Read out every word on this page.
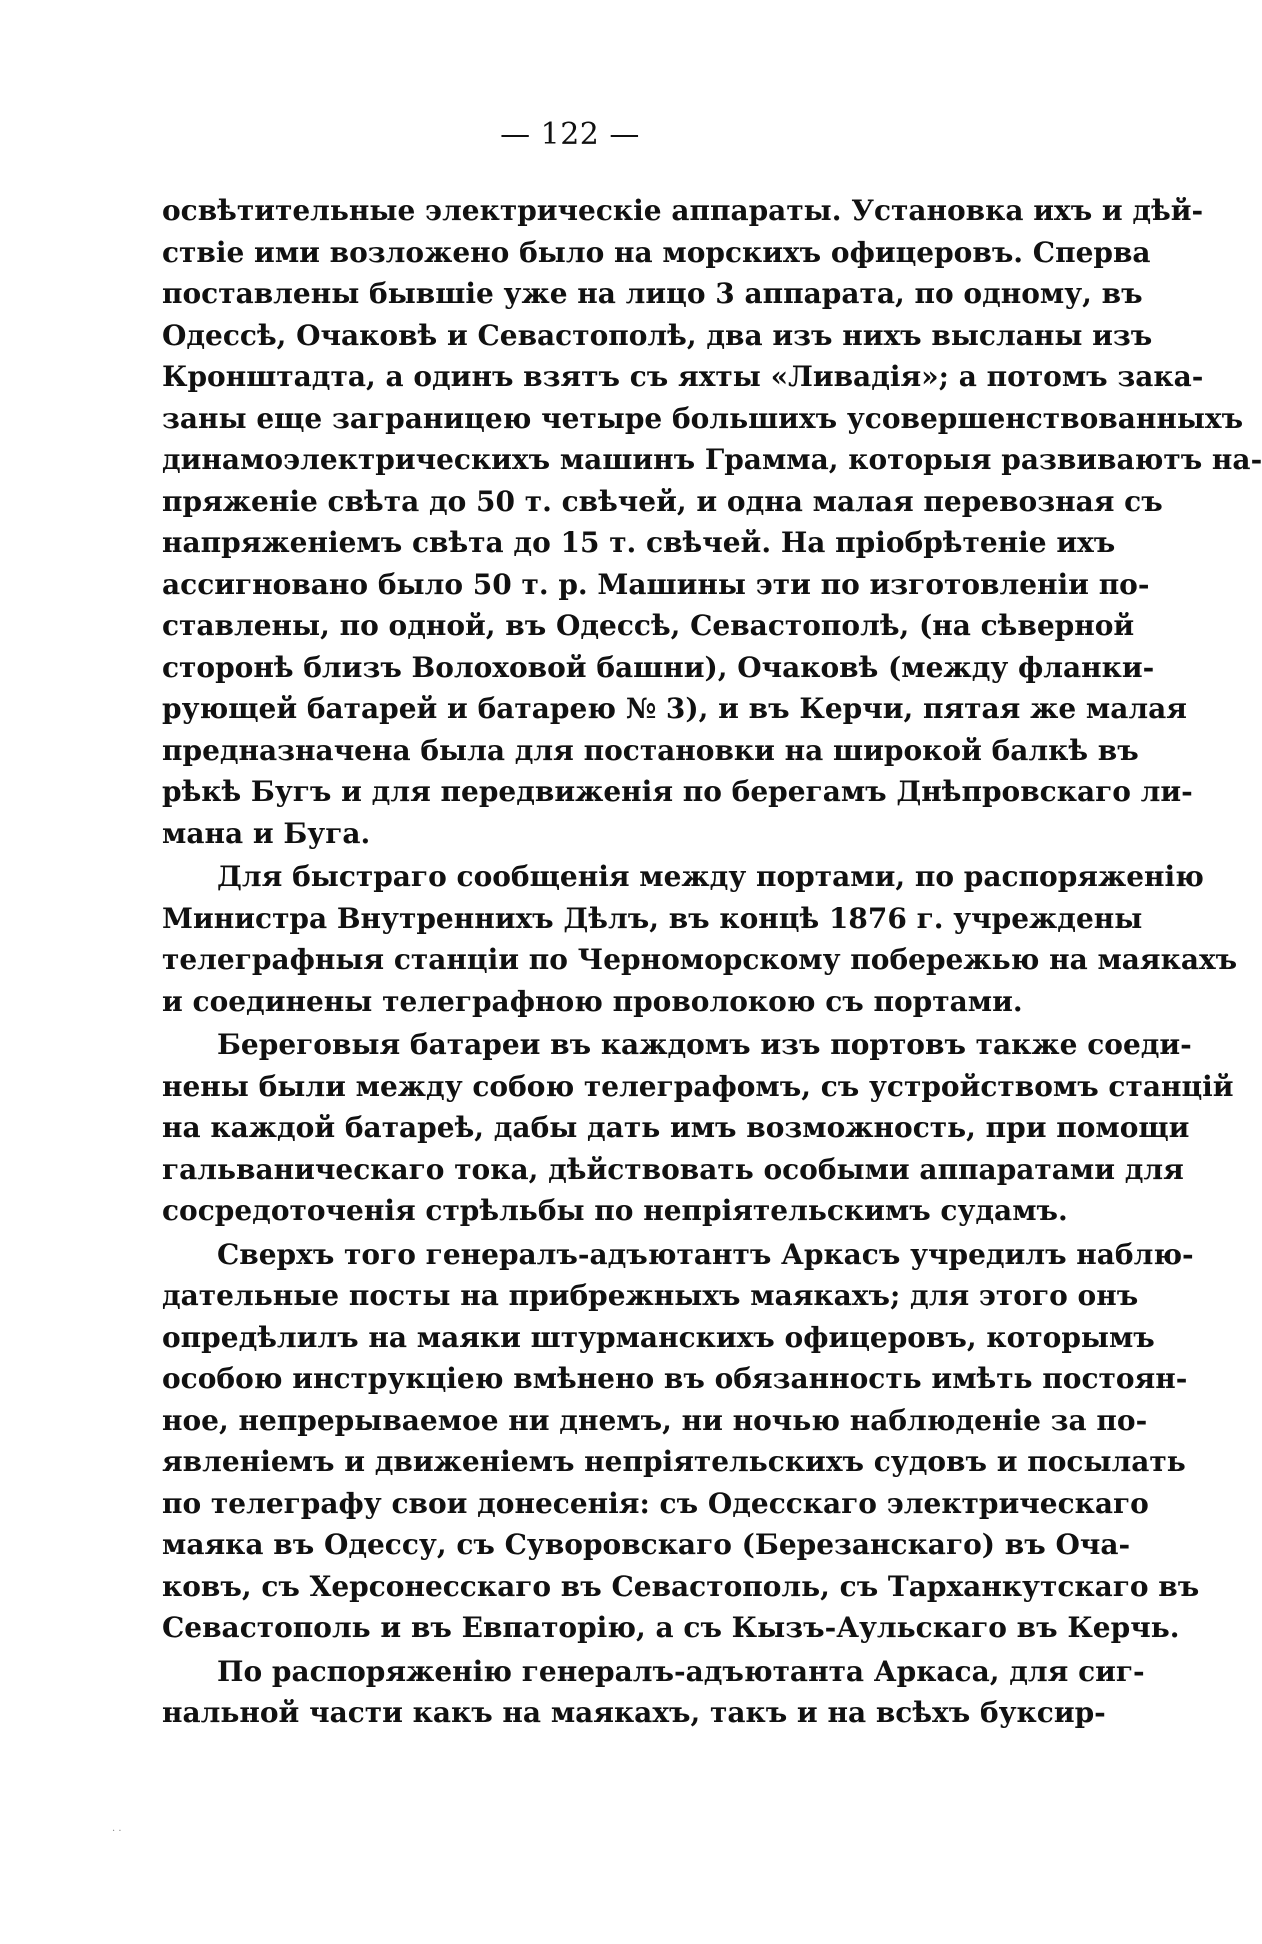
— 122 —
освѣтительные электрическіе аппараты. Установка ихъ и дѣй-
ствіе ими возложено было на морскихъ офицеровъ. Сперва
поставлены бывшіе уже на лицо 3 аппарата, по одному, въ
Одессѣ, Очаковѣ и Севастополѣ, два изъ нихъ высланы изъ
Кронштадта, а одинъ взятъ съ яхты «Ливадія»; а потомъ зака-
заны еще заграницею четыре большихъ усовершенствованныхъ
динамоэлектрическихъ машинъ Грамма, которыя развиваютъ на-
пряженіе свѣта до 50 т. свѣчей, и одна малая перевозная съ
напряженіемъ свѣта до 15 т. свѣчей. На пріобрѣтеніе ихъ
ассигновано было 50 т. р. Машины эти по изготовленіи по-
ставлены, по одной, въ Одессѣ, Севастополѣ, (на сѣверной
сторонѣ близъ Волоховой башни), Очаковѣ (между фланки-
рующей батарей и батарею № 3), и въ Керчи, пятая же малая
предназначена была для постановки на широкой балкѣ въ
рѣкѣ Бугъ и для передвиженія по берегамъ Днѣпровскаго ли-
мана и Буга.
Для быстраго сообщенія между портами, по распоряженію
Министра Внутреннихъ Дѣлъ, въ концѣ 1876 г. учреждены
телеграфныя станціи по Черноморскому побережью на маякахъ
и соединены телеграфною проволокою съ портами.
Береговыя батареи въ каждомъ изъ портовъ также соеди-
нены были между собою телеграфомъ, съ устройствомъ станцій
на каждой батареѣ, дабы дать имъ возможность, при помощи
гальваническаго тока, дѣйствовать особыми аппаратами для
сосредоточенія стрѣльбы по непріятельскимъ судамъ.
Сверхъ того генералъ-адъютантъ Аркасъ учредилъ наблю-
дательные посты на прибрежныхъ маякахъ; для этого онъ
опредѣлилъ на маяки штурманскихъ офицеровъ, которымъ
особою инструкціею вмѣнено въ обязанность имѣть постоян-
ное, непрерываемое ни днемъ, ни ночью наблюденіе за по-
явленіемъ и движеніемъ непріятельскихъ судовъ и посылать
по телеграфу свои донесенія: съ Одесскаго электрическаго
маяка въ Одессу, съ Суворовскаго (Березанскаго) въ Оча-
ковъ, съ Херсонесскаго въ Севастополь, съ Тарханкутскаго въ
Севастополь и въ Евпаторію, а съ Кызъ-Аульскаго въ Керчь.
По распоряженію генералъ-адъютанта Аркаса, для сиг-
нальной части какъ на маякахъ, такъ и на всѣхъ буксир-
· ·
